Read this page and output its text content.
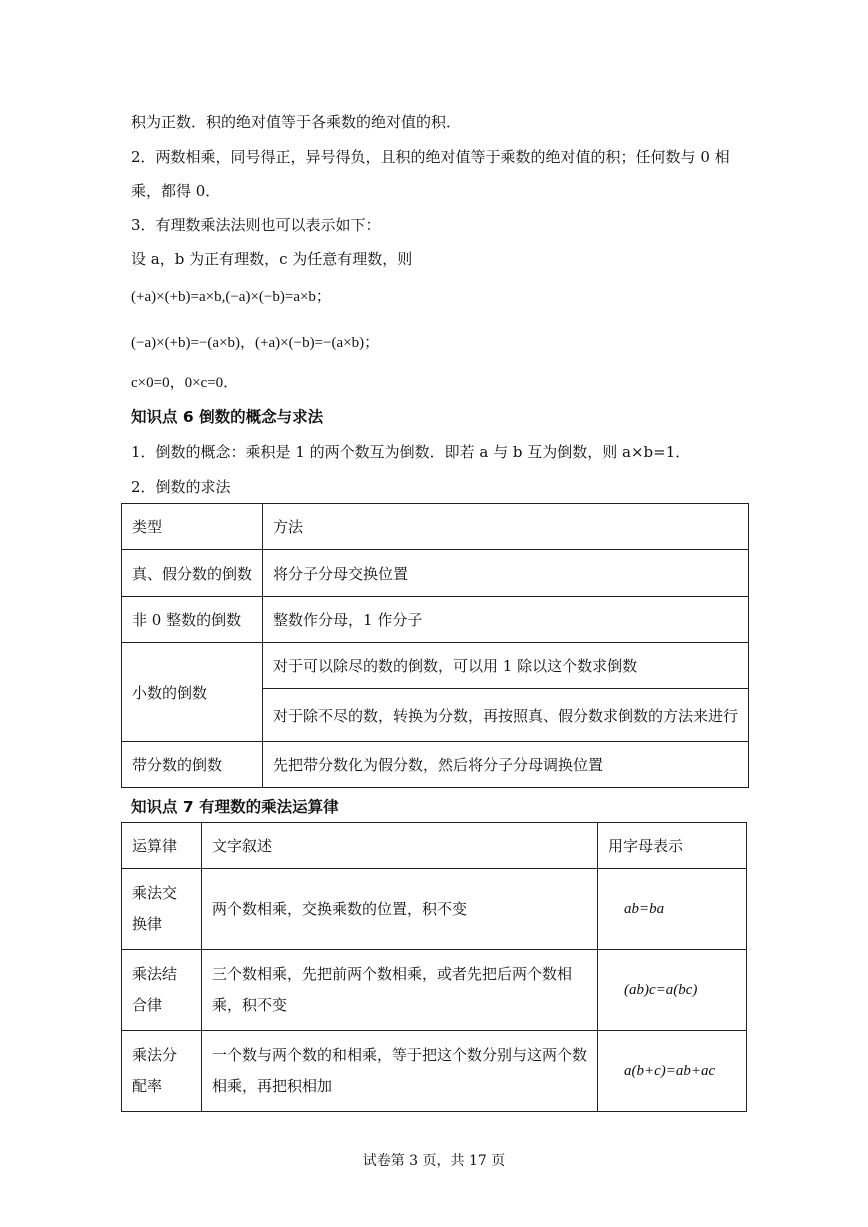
积为正数．积的绝对值等于各乘数的绝对值的积．
2．两数相乘，同号得正，异号得负，且积的绝对值等于乘数的绝对值的积；任何数与 0 相
乘，都得 0．
3．有理数乘法法则也可以表示如下：
设 a，b 为正有理数，c 为任意有理数，则
(+a)×(+b)=a×b,(−a)×(−b)=a×b；
(−a)×(+b)=−(a×b)，(+a)×(−b)=−(a×b)；
c×0=0，0×c=0．
知识点 6 倒数的概念与求法
1．倒数的概念：乘积是 1 的两个数互为倒数．即若 a 与 b 互为倒数，则 a×b=1．
2．倒数的求法
类型	方法
真、假分数的倒数	将分子分母交换位置
非 0 整数的倒数	整数作分母，1 作分子
小数的倒数	对于可以除尽的数的倒数，可以用 1 除以这个数求倒数
	对于除不尽的数，转换为分数，再按照真、假分数求倒数的方法来进行
带分数的倒数	先把带分数化为假分数，然后将分子分母调换位置
知识点 7 有理数的乘法运算律
运算律	文字叙述	用字母表示
乘法交换律	两个数相乘，交换乘数的位置，积不变	ab=ba
乘法结合律	三个数相乘，先把前两个数相乘，或者先把后两个数相乘，积不变	(ab)c=a(bc)
乘法分配率	一个数与两个数的和相乘，等于把这个数分别与这两个数相乘，再把积相加	a(b+c)=ab+ac
试卷第 3 页，共 17 页
